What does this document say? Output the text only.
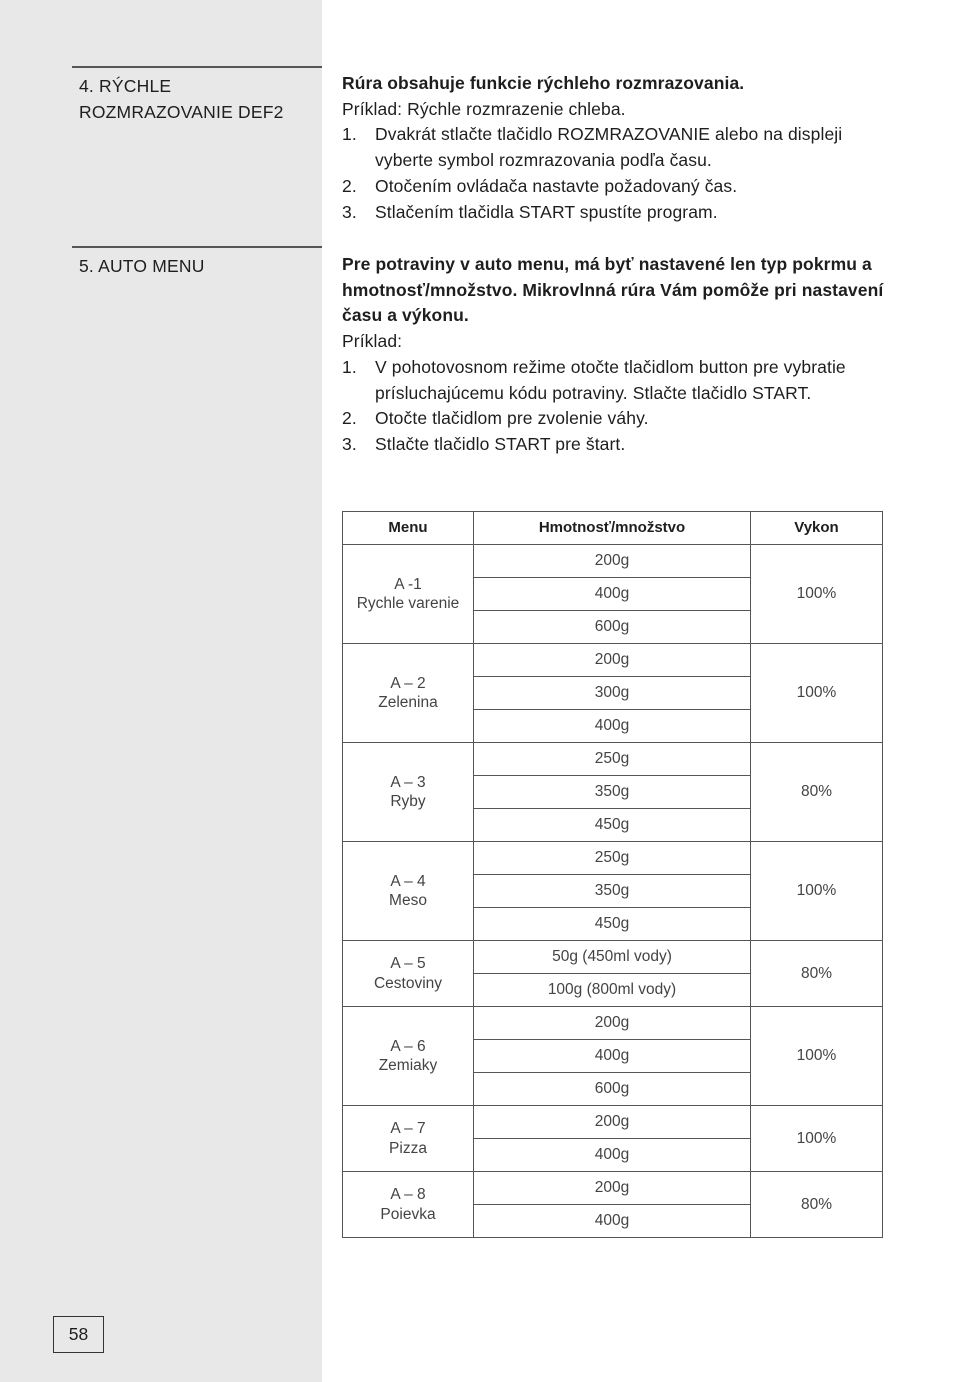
4. RÝCHLE
ROZMRAZOVANIE DEF2
Rúra obsahuje funkcie rýchleho rozmrazovania.
Príklad: Rýchle rozmrazenie chleba.
1.	Dvakrát stlačte tlačidlo ROZMRAZOVANIE alebo na displeji vyberte symbol rozmrazovania podľa času.
2.	Otočením ovládača nastavte požadovaný čas.
3.	Stlačením tlačidla START spustíte program.
5. AUTO MENU	Pre potraviny v auto menu, má byť nastavené len typ pokrmu a hmotnosť/množstvo. Mikrovlnná rúra Vám pomôže pri nastavení času a výkonu.
Príklad:
1.	V pohotovosnom režime otočte tlačidlom button pre vybratie prísluchajúcemu kódu potraviny. Stlačte tlačidlo START.
2.	Otočte tlačidlom pre zvolenie váhy.
3.	Stlačte tlačidlo START pre štart.
Menu	Hmotnosť/množstvo	Vykon

A -1
Rychle varenie	200g	100%
	400g	
	600g	

A – 2
Zelenina	200g	100%
	300g	
	400g	

A – 3
Ryby	250g	80%
	350g	
	450g	

A – 4
Meso	250g	100%
	350g	
	450g	

A – 5
Cestoviny	50g (450ml vody)	80%
	100g (800ml vody)	

A – 6
Zemiaky	200g	100%
	400g	
	600g	

A – 7
Pizza	200g	100%
	400g	

A – 8
Poievka	200g	80%
	400g	
58
